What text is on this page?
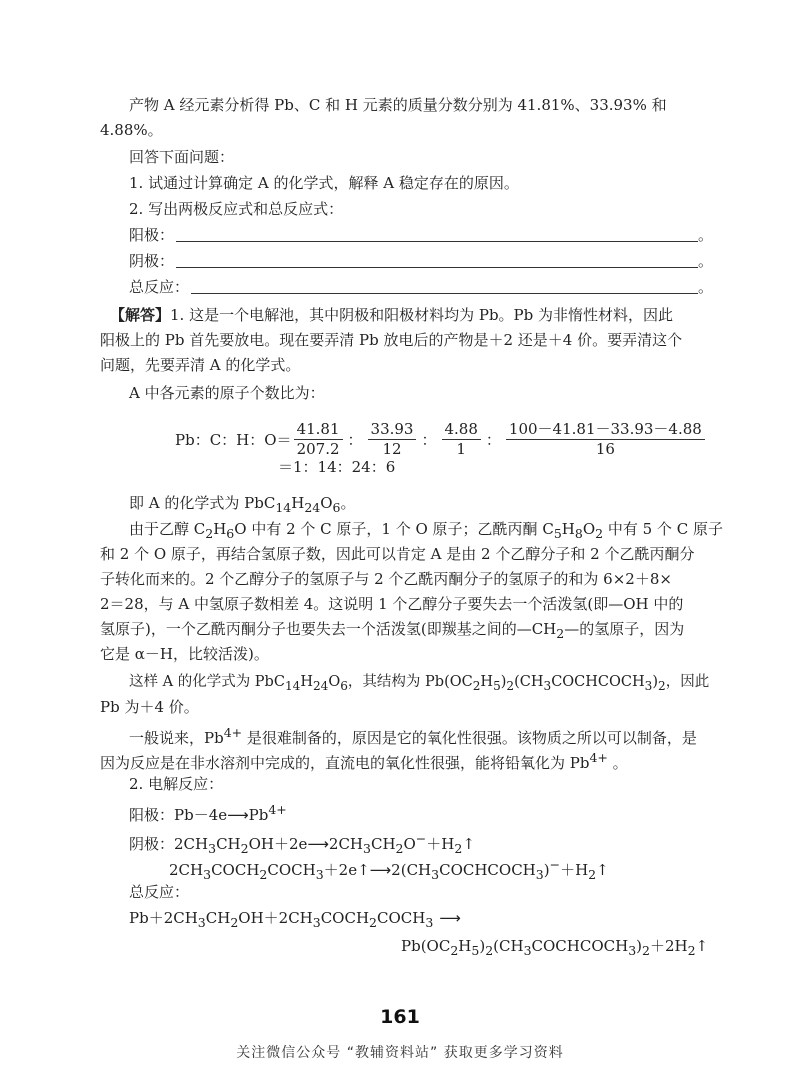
产物 A 经元素分析得 Pb、C 和 H 元素的质量分数分别为 41.81%、33.93% 和
4.88%。
回答下面问题：
1. 试通过计算确定 A 的化学式，解释 A 稳定存在的原因。
2. 写出两极反应式和总反应式：
阳极：	。
阴极：	。
总反应：	。
【解答】1. 这是一个电解池，其中阴极和阳极材料均为 Pb。Pb 为非惰性材料，因此
阳极上的 Pb 首先要放电。现在要弄清 Pb 放电后的产物是＋2 还是＋4 价。要弄清这个
问题，先要弄清 A 的化学式。
A 中各元素的原子个数比为：
Pb：C：H：$O= \frac{41.81}{207.2}$ ： $\frac{33.93}{12}$ ： $\frac{4.88}{1}$ ： $\frac{100-41.81-33.93-4.88}{16}$
＝1：14：24：6
即 A 的化学式为 $PbC_{14}H_{24}O_6$。
由于乙醇 $C_2H_6O$ 中有 2 个 C 原子，1 个 O 原子；乙酰丙酮 $C_5H_8O_2$ 中有 5 个 C 原子
和 2 个 O 原子，再结合氢原子数，因此可以肯定 A 是由 2 个乙醇分子和 2 个乙酰丙酮分
子转化而来的。2 个乙醇分子的氢原子与 2 个乙酰丙酮分子的氢原子的和为 6×2＋8×
2＝28，与 A 中氢原子数相差 4。这说明 1 个乙醇分子要失去一个活泼氢(即—OH 中的
氢原子)，一个乙酰丙酮分子也要失去一个活泼氢(即羰基之间的$—CH_2—$的氢原子，因为
它是 α－H，比较活泼)。
这样 A 的化学式为 $PbC_{14}H_{24}O_6$，其结构为 $Pb(OC_2H_5)_2(CH_3COCHCOCH_3)_2$，因此
Pb 为＋4 价。
一般说来，$Pb^{4+}$ 是很难制备的，原因是它的氧化性很强。该物质之所以可以制备，是
因为反应是在非水溶剂中完成的，直流电的氧化性很强，能将铅氧化为 $Pb^{4+}$ 。
2. 电解反应：
阳极：$Pb-4e⟶Pb^{4+}$
阴极：$2CH_3CH_2OH+2e⟶2CH_3CH_2O^-+H_2↑$
$2CH_3COCH_2COCH_3+2e↑⟶2(CH_3COCHCOCH_3)^-+H_2↑$
总反应：
$Pb+2CH_3CH_2OH+2CH_3COCH_2COCH_3$ ⟶
$Pb(OC_2H_5)_2(CH_3COCHCOCH_3)_2+2H_2↑$
161
关注微信公众号 “教辅资料站” 获取更多学习资料
